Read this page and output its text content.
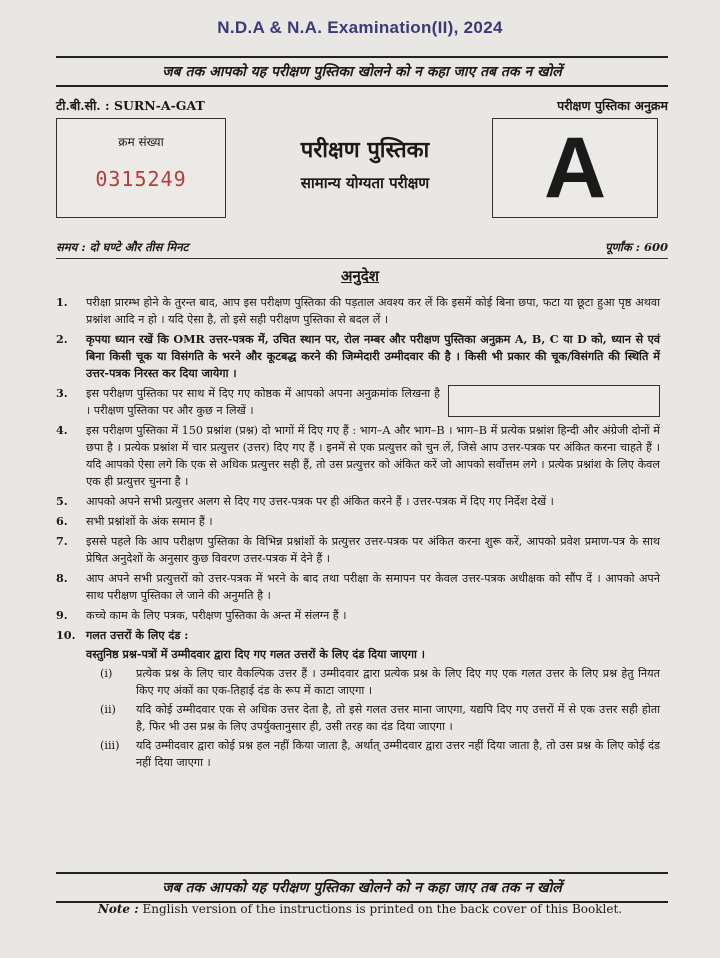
N.D.A & N.A. Examination(II), 2024
जब तक आपको यह परीक्षण पुस्तिका खोलने को न कहा जाए तब तक न खोलें
टी.बी.सी. : SURN-A-GAT	परीक्षण पुस्तिका अनुक्रम
क्रम संख्या
0315249
परीक्षण पुस्तिका
सामान्य योग्यता परीक्षण	A
समय : दो घण्टे और तीस मिनट	पूर्णांक : 600
अनुदेश
1. परीक्षा प्रारम्भ होने के तुरन्त बाद, आप इस परीक्षण पुस्तिका की पड़ताल अवश्य कर लें कि इसमें कोई बिना छपा, फटा या छूटा हुआ पृष्ठ अथवा प्रश्नांश आदि न हो । यदि ऐसा है, तो इसे सही परीक्षण पुस्तिका से बदल लें ।
2. कृपया ध्यान रखें कि OMR उत्तर-पत्रक में, उचित स्थान पर, रोल नम्बर और परीक्षण पुस्तिका अनुक्रम A, B, C या D को, ध्यान से एवं बिना किसी चूक या विसंगति के भरने और कूटबद्ध करने की जिम्मेदारी उम्मीदवार की है । किसी भी प्रकार की चूक/विसंगति की स्थिति में उत्तर-पत्रक निरस्त कर दिया जायेगा ।
3. इस परीक्षण पुस्तिका पर साथ में दिए गए कोष्ठक में आपको अपना अनुक्रमांक लिखना है । परीक्षण पुस्तिका पर और कुछ न लिखें ।
4. इस परीक्षण पुस्तिका में 150 प्रश्नांश (प्रश्न) दो भागों में दिए गए हैं : भाग–A और भाग–B । भाग–B में प्रत्येक प्रश्नांश हिन्दी और अंग्रेजी दोनों में छपा है । प्रत्येक प्रश्नांश में चार प्रत्युत्तर (उत्तर) दिए गए हैं । इनमें से एक प्रत्युत्तर को चुन लें, जिसे आप उत्तर-पत्रक पर अंकित करना चाहते हैं । यदि आपको ऐसा लगे कि एक से अधिक प्रत्युत्तर सही हैं, तो उस प्रत्युत्तर को अंकित करें जो आपको सर्वोत्तम लगे । प्रत्येक प्रश्नांश के लिए केवल एक ही प्रत्युत्तर चुनना है ।
5. आपको अपने सभी प्रत्युत्तर अलग से दिए गए उत्तर-पत्रक पर ही अंकित करने हैं । उत्तर-पत्रक में दिए गए निर्देश देखें ।
6. सभी प्रश्नांशों के अंक समान हैं ।
7. इससे पहले कि आप परीक्षण पुस्तिका के विभिन्न प्रश्नांशों के प्रत्युत्तर उत्तर-पत्रक पर अंकित करना शुरू करें, आपको प्रवेश प्रमाण-पत्र के साथ प्रेषित अनुदेशों के अनुसार कुछ विवरण उत्तर-पत्रक में देने हैं ।
8. आप अपने सभी प्रत्युत्तरों को उत्तर-पत्रक में भरने के बाद तथा परीक्षा के समापन पर केवल उत्तर-पत्रक अधीक्षक को सौंप दें । आपको अपने साथ परीक्षण पुस्तिका ले जाने की अनुमति है ।
9. कच्चे काम के लिए पत्रक, परीक्षण पुस्तिका के अन्त में संलग्न हैं ।
10. गलत उत्तरों के लिए दंड :
वस्तुनिष्ठ प्रश्न-पत्रों में उम्मीदवार द्वारा दिए गए गलत उत्तरों के लिए दंड दिया जाएगा ।
(i) प्रत्येक प्रश्न के लिए चार वैकल्पिक उत्तर हैं । उम्मीदवार द्वारा प्रत्येक प्रश्न के लिए दिए गए एक गलत उत्तर के लिए प्रश्न हेतु नियत किए गए अंकों का एक-तिहाई दंड के रूप में काटा जाएगा ।
(ii) यदि कोई उम्मीदवार एक से अधिक उत्तर देता है, तो इसे गलत उत्तर माना जाएगा, यद्यपि दिए गए उत्तरों में से एक उत्तर सही होता है, फिर भी उस प्रश्न के लिए उपर्युक्तानुसार ही, उसी तरह का दंड दिया जाएगा ।
(iii) यदि उम्मीदवार द्वारा कोई प्रश्न हल नहीं किया जाता है, अर्थात्‌ उम्मीदवार द्वारा उत्तर नहीं दिया जाता है, तो उस प्रश्न के लिए कोई दंड नहीं दिया जाएगा ।
जब तक आपको यह परीक्षण पुस्तिका खोलने को न कहा जाए तब तक न खोलें
Note : English version of the instructions is printed on the back cover of this Booklet.
